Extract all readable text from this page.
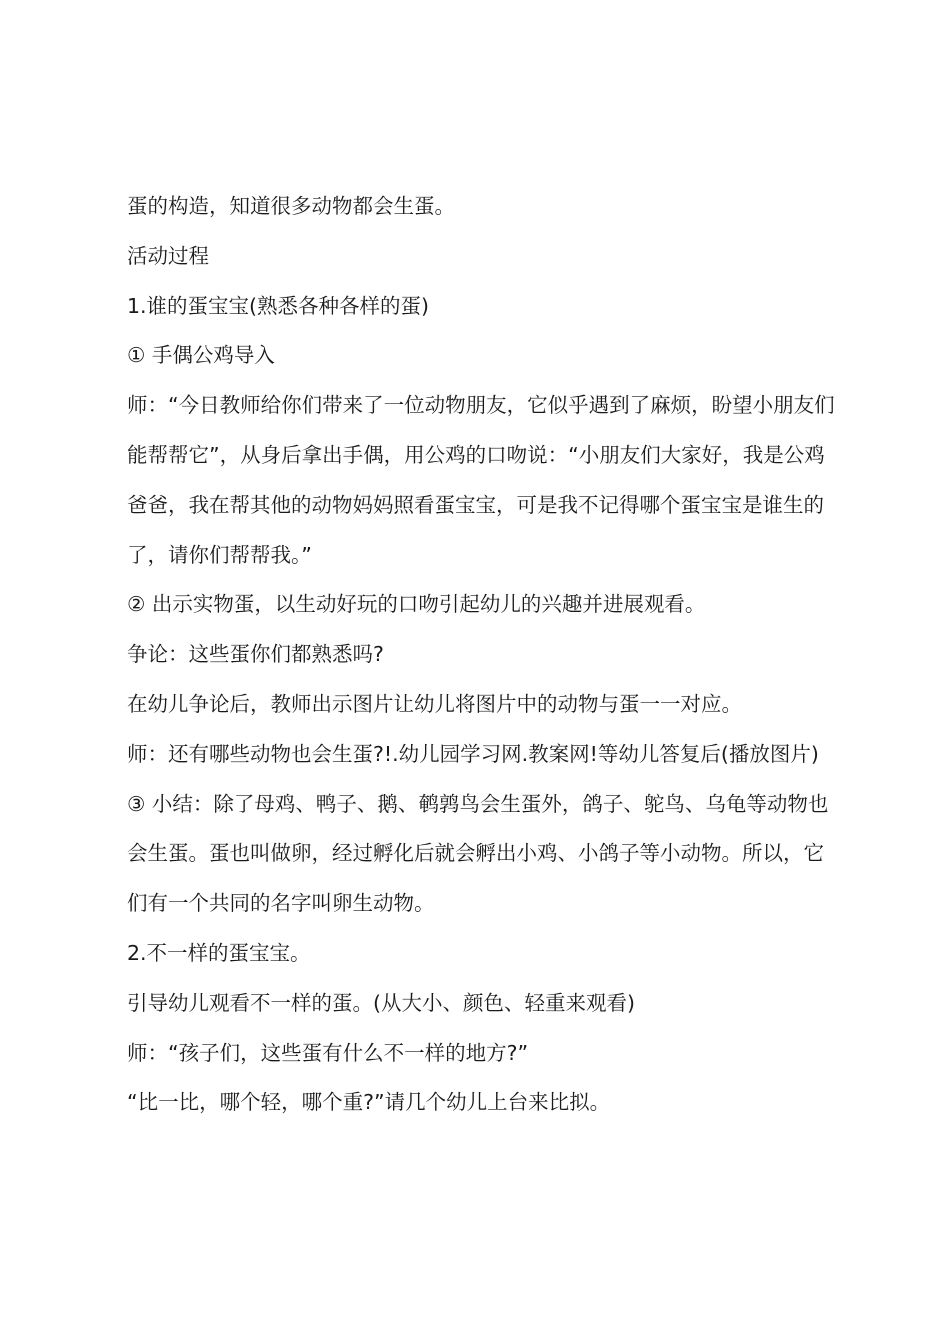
蛋的构造，知道很多动物都会生蛋。

活动过程

1.谁的蛋宝宝(熟悉各种各样的蛋)

① 手偶公鸡导入

师：“今日教师给你们带来了一位动物朋友，它似乎遇到了麻烦，盼望小朋友们能帮帮它”，从身后拿出手偶，用公鸡的口吻说：“小朋友们大家好，我是公鸡爸爸，我在帮其他的动物妈妈照看蛋宝宝，可是我不记得哪个蛋宝宝是谁生的了，请你们帮帮我。”

② 出示实物蛋，以生动好玩的口吻引起幼儿的兴趣并进展观看。

争论：这些蛋你们都熟悉吗?

在幼儿争论后，教师出示图片让幼儿将图片中的动物与蛋一一对应。

师：还有哪些动物也会生蛋?!.幼儿园学习网.教案网!等幼儿答复后(播放图片)

③ 小结：除了母鸡、鸭子、鹅、鹌鹑鸟会生蛋外，鸽子、鸵鸟、乌龟等动物也会生蛋。蛋也叫做卵，经过孵化后就会孵出小鸡、小鸽子等小动物。所以，它们有一个共同的名字叫卵生动物。

2.不一样的蛋宝宝。

引导幼儿观看不一样的蛋。(从大小、颜色、轻重来观看)

师：“孩子们，这些蛋有什么不一样的地方?”

“比一比，哪个轻，哪个重?”请几个幼儿上台来比拟。
